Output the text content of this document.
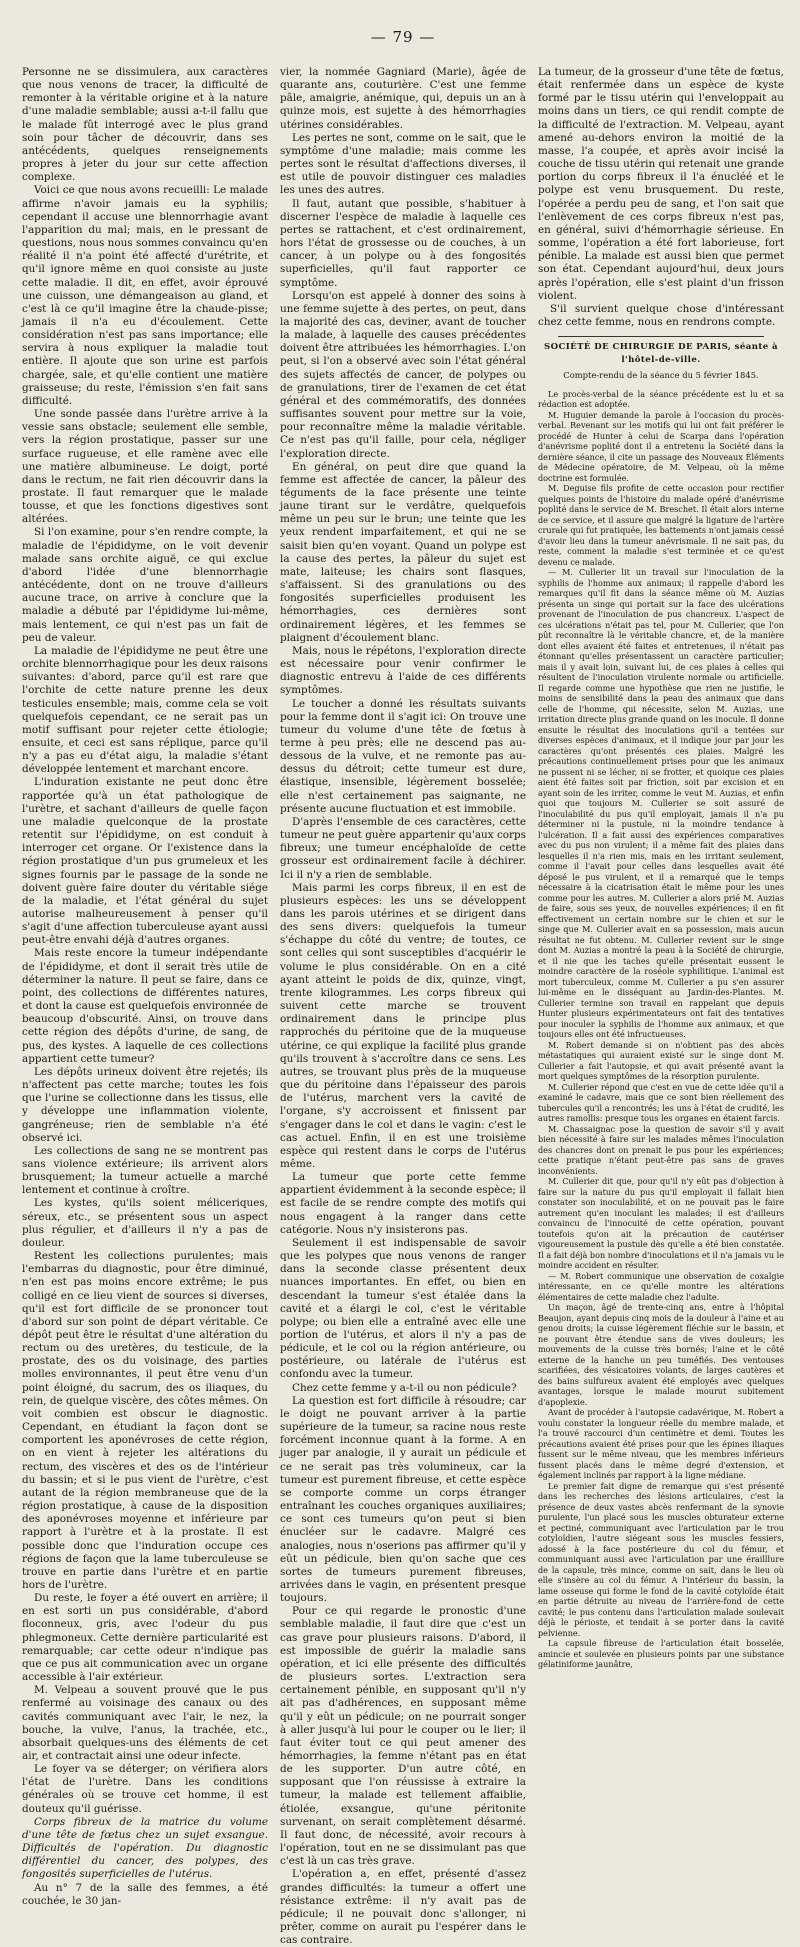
— 79 —

Personne ne se dissimulera, aux caractères que nous venons de tracer, la difficulté de remonter à la véritable origine et à la nature d'une maladie semblable; aussi a-t-il fallu que le malade fût interrogé avec le plus grand soin pour tâcher de découvrir, dans ses antécédents, quelques renseignements propres à jeter du jour sur cette affection complexe.

Voici ce que nous avons recueilli: Le malade affirme n'avoir jamais eu la syphilis; cependant il accuse une blennorrhagie avant l'apparition du mal; mais, en le pressant de questions, nous nous sommes convaincu qu'en réalité il n'a point été affecté d'urétrite, et qu'il ignore même en quoi consiste au juste cette maladie. Il dit, en effet, avoir éprouvé une cuisson, une démangeaison au gland, et c'est là ce qu'il imagine être la chaude-pisse; jamais il n'a eu d'écoulement. Cette considération n'est pas sans importance; elle servira à nous expliquer la maladie tout entière. Il ajoute que son urine est parfois chargée, sale, et qu'elle contient une matière graisseuse; du reste, l'émission s'en fait sans difficulté.

Une sonde passée dans l'urètre arrive à la vessie sans obstacle; seulement elle semble, vers la région prostatique, passer sur une surface rugueuse, et elle ramène avec elle une matière albumineuse. Le doigt, porté dans le rectum, ne fait rien découvrir dans la prostate. Il faut remarquer que le malade tousse, et que les fonctions digestives sont altérées.

Si l'on examine, pour s'en rendre compte, la maladie de l'épididyme, on le voit devenir malade sans orchite aiguë, ce qui exclue d'abord l'idée d'une blennorrhagie antécédente, dont on ne trouve d'ailleurs aucune trace, on arrive à conclure que la maladie a débuté par l'épididyme lui-même, mais lentement, ce qui n'est pas un fait de peu de valeur.

La maladie de l'épididyme ne peut être une orchite blennorrhagique pour les deux raisons suivantes: d'abord, parce qu'il est rare que l'orchite de cette nature prenne les deux testicules ensemble; mais, comme cela se voit quelquefois cependant, ce ne serait pas un motif suffisant pour rejeter cette étiologie; ensuite, et ceci est sans réplique, parce qu'il n'y a pas eu d'état aigu, la maladie s'étant développée lentement et marchant encore.

L'induration existante ne peut donc être rapportée qu'à un état pathologique de l'urètre, et sachant d'ailleurs de quelle façon une maladie quelconque de la prostate retentit sur l'épididyme, on est conduit à interroger cet organe. Or l'existence dans la région prostatique d'un pus grumeleux et les signes fournis par le passage de la sonde ne doivent guère faire douter du véritable siége de la maladie, et l'état général du sujet autorise malheureusement à penser qu'il s'agit d'une affection tuberculeuse ayant aussi peut-être envahi déjà d'autres organes.

Mais reste encore la tumeur indépendante de l'épididyme, et dont il serait très utile de déterminer la nature. Il peut se faire, dans ce point, des collections de différentes natures, et dont la cause est quelquefois environnée de beaucoup d'obscurité. Ainsi, on trouve dans cette région des dépôts d'urine, de sang, de pus, des kystes. A laquelle de ces collections appartient cette tumeur?

Les dépôts urineux doivent être rejetés; ils n'affectent pas cette marche; toutes les fois que l'urine se collectionne dans les tissus, elle y développe une inflammation violente, gangréneuse; rien de semblable n'a été observé ici.

Les collections de sang ne se montrent pas sans violence extérieure; ils arrivent alors brusquement; la tumeur actuelle a marché lentement et continue à croître.

Les kystes, qu'ils soient méliceriques, séreux, etc., se présentent sous un aspect plus régulier, et d'ailleurs il n'y a pas de douleur.

Restent les collections purulentes; mais l'embarras du diagnostic, pour être diminué, n'en est pas moins encore extrême; le pus colligé en ce lieu vient de sources si diverses, qu'il est fort difficile de se prononcer tout d'abord sur son point de départ véritable. Ce dépôt peut être le résultat d'une altération du rectum ou des uretères, du testicule, de la prostate, des os du voisinage, des parties molles environnantes, il peut être venu d'un point éloigné, du sacrum, des os iliaques, du rein, de quelque viscère, des côtes mêmes. On voit combien est obscur le diagnostic. Cependant, en étudiant la façon dont se comportent les aponévroses de cette région, on en vient à rejeter les altérations du rectum, des viscères et des os de l'intérieur du bassin; et si le pus vient de l'urètre, c'est autant de la région membraneuse que de la région prostatique, à cause de la disposition des aponévroses moyenne et inférieure par rapport à l'urètre et à la prostate. Il est possible donc que l'induration occupe ces régions de façon que la lame tuberculeuse se trouve en partie dans l'urètre et en partie hors de l'urètre.

Du reste, le foyer a été ouvert en arrière; il en est sorti un pus considérable, d'abord floconneux, gris, avec l'odeur du pus phlegmoneux. Cette dernière particularité est remarquable; car cette odeur n'indique pas que ce pus ait communication avec un organe accessible à l'air extérieur.

M. Velpeau a souvent prouvé que le pus renfermé au voisinage des canaux ou des cavités communiquant avec l'air, le nez, la bouche, la vulve, l'anus, la trachée, etc., absorbait quelques-uns des éléments de cet air, et contractait ainsi une odeur infecte.

Le foyer va se déterger; on vérifiera alors l'état de l'urètre. Dans les conditions générales où se trouve cet homme, il est douteux qu'il guérisse.

Corps fibreux de la matrice du volume d'une tête de fœtus chez un sujet exsangue. Difficultés de l'opération. Du diagnostic différentiel du cancer, des polypes, des fongosités superficielles de l'utérus.

Au n° 7 de la salle des femmes, a été couchée, le 30 jan-

vier, la nommée Gagniard (Marie), âgée de quarante ans, couturière. C'est une femme pâle, amaigrie, anémique, qui, depuis un an à quinze mois, est sujette à des hémorrhagies utérines considérables.

Les pertes ne sont, comme on le sait, que le symptôme d'une maladie; mais comme les pertes sont le résultat d'affections diverses, il est utile de pouvoir distinguer ces maladies les unes des autres.

Il faut, autant que possible, s'habituer à discerner l'espèce de maladie à laquelle ces pertes se rattachent, et c'est ordinairement, hors l'état de grossesse ou de couches, à un cancer, à un polype ou à des fongosités superficielles, qu'il faut rapporter ce symptôme.

Lorsqu'on est appelé à donner des soins à une femme sujette à des pertes, on peut, dans la majorité des cas, deviner, avant de toucher la malade, à laquelle des causes précédentes doivent être attribuées les hémorrhagies. L'on peut, si l'on a observé avec soin l'état général des sujets affectés de cancer, de polypes ou de granulations, tirer de l'examen de cet état général et des commémoratifs, des données suffisantes souvent pour mettre sur la voie, pour reconnaître même la maladie véritable. Ce n'est pas qu'il faille, pour cela, négliger l'exploration directe.

En général, on peut dire que quand la femme est affectée de cancer, la pâleur des téguments de la face présente une teinte jaune tirant sur le verdâtre, quelquefois même un peu sur le brun; une teinte que les yeux rendent imparfaitement, et qui ne se saisit bien qu'en voyant. Quand un polype est la cause des pertes, la pâleur du sujet est mate, laiteuse; les chairs sont flasques, s'affaissent. Si des granulations ou des fongosités superficielles produisent les hémorrhagies, ces dernières sont ordinairement légères, et les femmes se plaignent d'écoulement blanc.

Mais, nous le répétons, l'exploration directe est nécessaire pour venir confirmer le diagnostic entrevu à l'aide de ces différents symptômes.

Le toucher a donné les résultats suivants pour la femme dont il s'agit ici: On trouve une tumeur du volume d'une tête de fœtus à terme à peu près; elle ne descend pas au-dessous de la vulve, et ne remonte pas au-dessus du détroit; cette tumeur est dure, élastique, insensible, légèrement bosselée; elle n'est certainement pas saignante, ne présente aucune fluctuation et est immobile.

D'après l'ensemble de ces caractères, cette tumeur ne peut guère appartenir qu'aux corps fibreux; une tumeur encéphaloïde de cette grosseur est ordinairement facile à déchirer. Ici il n'y a rien de semblable.

Mais parmi les corps fibreux, il en est de plusieurs espèces: les uns se développent dans les parois utérines et se dirigent dans des sens divers: quelquefois la tumeur s'échappe du côté du ventre; de toutes, ce sont celles qui sont susceptibles d'acquérir le volume le plus considérable. On en a cité ayant atteint le poids de dix, quinze, vingt, trente kilogrammes. Les corps fibreux qui suivent cette marche se trouvent ordinairement dans le principe plus rapprochés du péritoine que de la muqueuse utérine, ce qui explique la facilité plus grande qu'ils trouvent à s'accroître dans ce sens. Les autres, se trouvant plus près de la muqueuse que du péritoine dans l'épaisseur des parois de l'utérus, marchent vers la cavité de l'organe, s'y accroissent et finissent par s'engager dans le col et dans le vagin: c'est le cas actuel. Enfin, il en est une troisième espèce qui restent dans le corps de l'utérus même.

La tumeur que porte cette femme appartient évidemment à la seconde espèce; il est facile de se rendre compte des motifs qui nous engagent à la ranger dans cette catégorie. Nous n'y insisterons pas.

Seulement il est indispensable de savoir que les polypes que nous venons de ranger dans la seconde classe présentent deux nuances importantes. En effet, ou bien en descendant la tumeur s'est étalée dans la cavité et a élargi le col, c'est le véritable polype; ou bien elle a entraîné avec elle une portion de l'utérus, et alors il n'y a pas de pédicule, et le col ou la région antérieure, ou postérieure, ou latérale de l'utérus est confondu avec la tumeur.

Chez cette femme y a-t-il ou non pédicule?

La question est fort difficile à résoudre; car le doigt ne pouvant arriver à la partie supérieure de la tumeur, sa racine nous reste forcément inconnue quant à la forme. A en juger par analogie, il y aurait un pédicule et ce ne serait pas très volumineux, car la tumeur est purement fibreuse, et cette espèce se comporte comme un corps étranger entraînant les couches organiques auxiliaires; ce sont ces tumeurs qu'on peut si bien énucléer sur le cadavre. Malgré ces analogies, nous n'oserions pas affirmer qu'il y eût un pédicule, bien qu'on sache que ces sortes de tumeurs purement fibreuses, arrivées dans le vagin, en présentent presque toujours.

Pour ce qui regarde le pronostic d'une semblable maladie, il faut dire que c'est un cas grave pour plusieurs raisons. D'abord, il est impossible de guérir la maladie sans opération, et ici elle présente des difficultés de plusieurs sortes. L'extraction sera certainement pénible, en supposant qu'il n'y ait pas d'adhérences, en supposant même qu'il y eût un pédicule; on ne pourrait songer à aller jusqu'à lui pour le couper ou le lier; il faut éviter tout ce qui peut amener des hémorrhagies, la femme n'étant pas en état de les supporter. D'un autre côté, en supposant que l'on réussisse à extraire la tumeur, la malade est tellement affaiblie, étiolée, exsangue, qu'une péritonite survenant, on serait complètement désarmé. Il faut donc, de nécessité, avoir recours à l'opération, tout en ne se dissimulant pas que c'est là un cas très grave.

L'opération a, en effet, présenté d'assez grandes difficultés: la tumeur a offert une résistance extrême: il n'y avait pas de pédicule; il ne pouvait donc s'allonger, ni prêter, comme on aurait pu l'espérer dans le cas contraire.

La tumeur, de la grosseur d'une tête de fœtus, était renfermée dans un espèce de kyste formé par le tissu utérin qui l'enveloppait au moins dans un tiers, ce qui rendit compte de la difficulté de l'extraction. M. Velpeau, ayant amené au-dehors environ la moitié de la masse, l'a coupée, et après avoir incisé la couche de tissu utérin qui retenait une grande portion du corps fibreux il l'a énucléé et le polype est venu brusquement. Du reste, l'opérée a perdu peu de sang, et l'on sait que l'enlèvement de ces corps fibreux n'est pas, en général, suivi d'hémorrhagie sérieuse. En somme, l'opération a été fort laborieuse, fort pénible. La malade est aussi bien que permet son état. Cependant aujourd'hui, deux jours après l'opération, elle s'est plaint d'un frisson violent.

S'il survient quelque chose d'intéressant chez cette femme, nous en rendrons compte.

SOCIÉTÉ DE CHIRURGIE DE PARIS, séante à l'hôtel-de-ville.
Compte-rendu de la séance du 5 février 1845.

Le procès-verbal de la séance précédente est lu et sa rédaction est adoptée.

M. Huguier demande la parole à l'occasion du procès-verbal. Revenant sur les motifs qui lui ont fait préférer le procédé de Hunter à celui de Scarpa dans l'opération d'anévrisme poplité dont il a entretenu la Société dans la dernière séance, il cite un passage des Nouveaux Éléments de Médecine opératoire, de M. Velpeau, où la même doctrine est formulée.

M. Deguise fils profite de cette occasion pour rectifier quelques points de l'histoire du malade opéré d'anévrisme poplité dans le service de M. Breschet. Il était alors interne de ce service, et il assure que malgré la ligature de l'artère crurale qui fut pratiquée, les battements n'ont jamais cessé d'avoir lieu dans la tumeur anévrismale. Il ne sait pas, du reste, comment la maladie s'est terminée et ce qu'est devenu ce malade.

— M. Cullerier lit un travail sur l'inoculation de la syphilis de l'homme aux animaux; il rappelle d'abord les remarques qu'il fit dans la séance même où M. Auzias présenta un singe qui portait sur la face des ulcérations provenant de l'inoculation de pus chancreux. L'aspect de ces ulcérations n'était pas tel, pour M. Cullerier, que l'on pût reconnaître là le véritable chancre, et, de la manière dont elles avaient été faites et entretenues, il n'était pas étonnant qu'elles présentassent un caractère particulier; mais il y avait loin, suivant lui, de ces plaies à celles qui résultent de l'inoculation virulente normale ou artificielle. Il regarde comme une hypothèse que rien ne justifie, le moins de sensibilité dans la peau des animaux que dans celle de l'homme, qui nécessite, selon M. Auzias, une irritation directe plus grande quand on les inocule. Il donne ensuite le résultat des inoculations qu'il a tentées sur diverses espèces d'animaux, et il indique jour par jour les caractères qu'ont présentés ces plaies. Malgré les précautions continuellement prises pour que les animaux ne pussent ni se lécher, ni se frotter, et quoique ces plaies aient été faites soit par friction, soit par excision et en ayant soin de les irriter, comme le veut M. Auzias, et enfin quoi que toujours M. Cullerier se soit assuré de l'inoculabilité du pus qu'il employait, jamais il n'a pu déterminer ni la pustule, ni la moindre tendance à l'ulcération. Il a fait aussi des expériences comparatives avec du pus non virulent; il a même fait des plaies dans lesquelles il n'a rien mis, mais en les irritant seulement, comme il l'avait pour celles dans lesquelles avait été déposé le pus virulent, et il a remarqué que le temps nécessaire à la cicatrisation était le même pour les unes comme pour les autres. M. Cullerier a alors prié M. Auzias de faire, sous ses yeux, de nouvelles expériences; il en fit effectivement un certain nombre sur le chien et sur le singe que M. Cullerier avait en sa possession, mais aucun résultat ne fut obtenu. M. Cullerier revient sur le singe dont M. Auzias a montré la peau à la Société de chirurgie, et il nie que les taches qu'elle présentait eussent le moindre caractère de la roséole syphilitique. L'animal est mort tuberculeux, comme M. Cullerier a pu s'en assurer lui-même en le disséquant au Jardin-des-Plantes. M. Cullerier termine son travail en rappelant que depuis Hunter plusieurs expérimentateurs ont fait des tentatives pour inoculer la syphilis de l'homme aux animaux, et que toujours elles ont été infructueuses.

M. Robert demande si on n'obtient pas des abcès métastatiques qui auraient existé sur le singe dont M. Cullerier a fait l'autopsie, et qui avait présenté avant la mort quelques symptômes de la résorption purulente.

M. Cullerier répond que c'est en vue de cette idée qu'il a examiné le cadavre, mais que ce sont bien réellement des tubercules qu'il a rencontrés; les uns à l'état de crudité, les autres ramollis: presque tous les organes en étaient farcis.

M. Chassaignac pose la question de savoir s'il y avait bien nécessité à faire sur les malades mêmes l'inoculation des chancres dont on prenait le pus pour les expériences; cette pratique n'étant peut-être pas sans de graves inconvénients.

M. Cullerier dit que, pour qu'il n'y eût pas d'objection à faire sur la nature du pus qu'il employait il fallait bien constater son inoculabilité, et on ne pouvait pas le faire autrement qu'en inoculant les malades; il est d'ailleurs convaincu de l'innocuité de cette opération, pouvant toutefois qu'on ait la précaution de cautériser vigoureusement la pustule dès qu'elle a été bien constatée. Il a fait déjà bon nombre d'inoculations et il n'a jamais vu le moindre accident en résulter.

— M. Robert communique une observation de coxalgie intéressante, en ce qu'elle montre les altérations élémentaires de cette maladie chez l'adulte.

Un maçon, âgé de trente-cinq ans, entre à l'hôpital Beaujon, ayant depuis cinq mois de la douleur à l'aine et au genou droits; la cuisse légèrement fléchie sur le bassin, et ne pouvant être étendue sans de vives douleurs; les mouvements de la cuisse très bornés; l'aine et le côté externe de la hanche un peu tuméfiés. Des ventouses scarifiées, des vésicatoires volants, de larges cautères et des bains sulfureux avaient été employés avec quelques avantages, lorsque le malade mourut subitement d'apoplexie.

Avant de procéder à l'autopsie cadavérique, M. Robert a voulu constater la longueur réelle du membre malade, et l'a trouvé raccourci d'un centimètre et demi. Toutes les précautions avaient été prises pour que les épines iliaques fussent sur le même niveau, que les membres inférieurs fussent placés dans le même degré d'extension, et également inclinés par rapport à la ligne médiane.

Le premier fait digne de remarque qui s'est présenté dans les recherches des lésions articulaires, c'est la présence de deux vastes abcès renfermant de la synovie purulente, l'un placé sous les muscles obturateur externe et pectiné, communiquant avec l'articulation par le trou cotyloïdien, l'autre siégeant sous les muscles fessiers, adossé à la face postérieure du col du fémur, et communiquant aussi avec l'articulation par une érailllure de la capsule, très mince, comme on sait, dans le lieu où elle s'insère au col du fémur. A l'intérieur du bassin, la lame osseuse qui forme le fond de la cavité cotyloïde était en partie détruite au niveau de l'arrière-fond de cette cavité; le pus contenu dans l'articulation malade soulevait déjà le périoste, et tendait à se porter dans la cavité pelvienne.

La capsule fibreuse de l'articulation était bosselée, amincie et soulevée en plusieurs points par une substance gélatiniforme jaunâtre,
